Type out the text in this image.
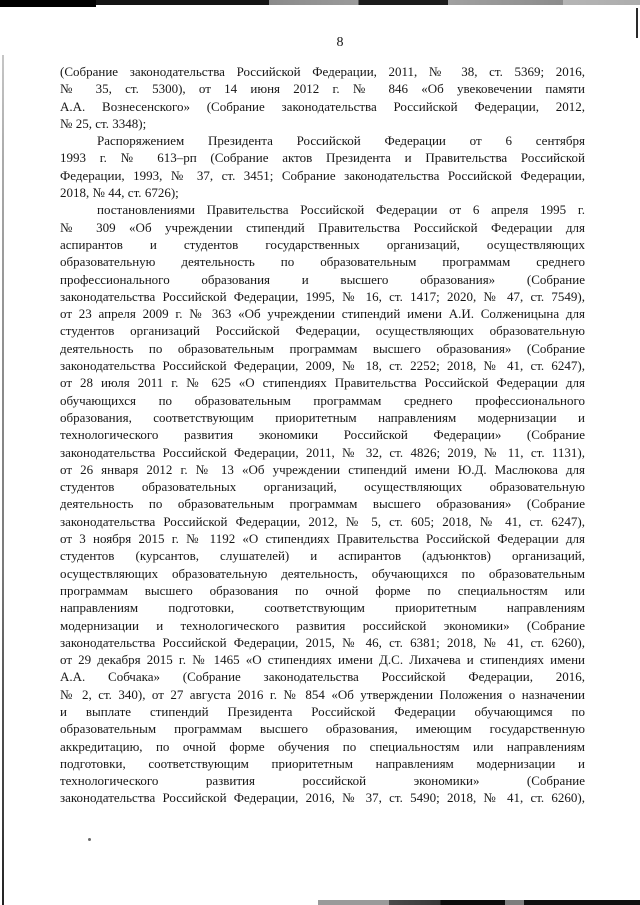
8
(Собрание законодательства Российской Федерации, 2011, № 38, ст. 5369; 2016,
№ 35, ст. 5300), от 14 июня 2012 г. № 846 «Об увековечении памяти
А.А. Вознесенского» (Собрание законодательства Российской Федерации, 2012,
№ 25, ст. 3348);
Распоряжением Президента Российской Федерации от 6 сентября
1993 г. № 613–рп (Собрание актов Президента и Правительства Российской
Федерации, 1993, № 37, ст. 3451; Собрание законодательства Российской Федерации,
2018, № 44, ст. 6726);
постановлениями Правительства Российской Федерации от 6 апреля 1995 г.
№ 309 «Об учреждении стипендий Правительства Российской Федерации для
аспирантов и студентов государственных организаций, осуществляющих
образовательную деятельность по образовательным программам среднего
профессионального образования и высшего образования» (Собрание
законодательства Российской Федерации, 1995, № 16, ст. 1417; 2020, № 47, ст. 7549),
от 23 апреля 2009 г. № 363 «Об учреждении стипендий имени А.И. Солженицына для
студентов организаций Российской Федерации, осуществляющих образовательную
деятельность по образовательным программам высшего образования» (Собрание
законодательства Российской Федерации, 2009, № 18, ст. 2252; 2018, № 41, ст. 6247),
от 28 июля 2011 г. № 625 «О стипендиях Правительства Российской Федерации для
обучающихся по образовательным программам среднего профессионального
образования, соответствующим приоритетным направлениям модернизации и
технологического развития экономики Российской Федерации» (Собрание
законодательства Российской Федерации, 2011, № 32, ст. 4826; 2019, № 11, ст. 1131),
от 26 января 2012 г. № 13 «Об учреждении стипендий имени Ю.Д. Маслюкова для
студентов образовательных организаций, осуществляющих образовательную
деятельность по образовательным программам высшего образования» (Собрание
законодательства Российской Федерации, 2012, № 5, ст. 605; 2018, № 41, ст. 6247),
от 3 ноября 2015 г. № 1192 «О стипендиях Правительства Российской Федерации для
студентов (курсантов, слушателей) и аспирантов (адъюнктов) организаций,
осуществляющих образовательную деятельность, обучающихся по образовательным
программам высшего образования по очной форме по специальностям или
направлениям подготовки, соответствующим приоритетным направлениям
модернизации и технологического развития российской экономики» (Собрание
законодательства Российской Федерации, 2015, № 46, ст. 6381; 2018, № 41, ст. 6260),
от 29 декабря 2015 г. № 1465 «О стипендиях имени Д.С. Лихачева и стипендиях имени
А.А. Собчака» (Собрание законодательства Российской Федерации, 2016,
№ 2, ст. 340), от 27 августа 2016 г. № 854 «Об утверждении Положения о назначении
и выплате стипендий Президента Российской Федерации обучающимся по
образовательным программам высшего образования, имеющим государственную
аккредитацию, по очной форме обучения по специальностям или направлениям
подготовки, соответствующим приоритетным направлениям модернизации и
технологического развития российской экономики» (Собрание
законодательства Российской Федерации, 2016, № 37, ст. 5490; 2018, № 41, ст. 6260),
